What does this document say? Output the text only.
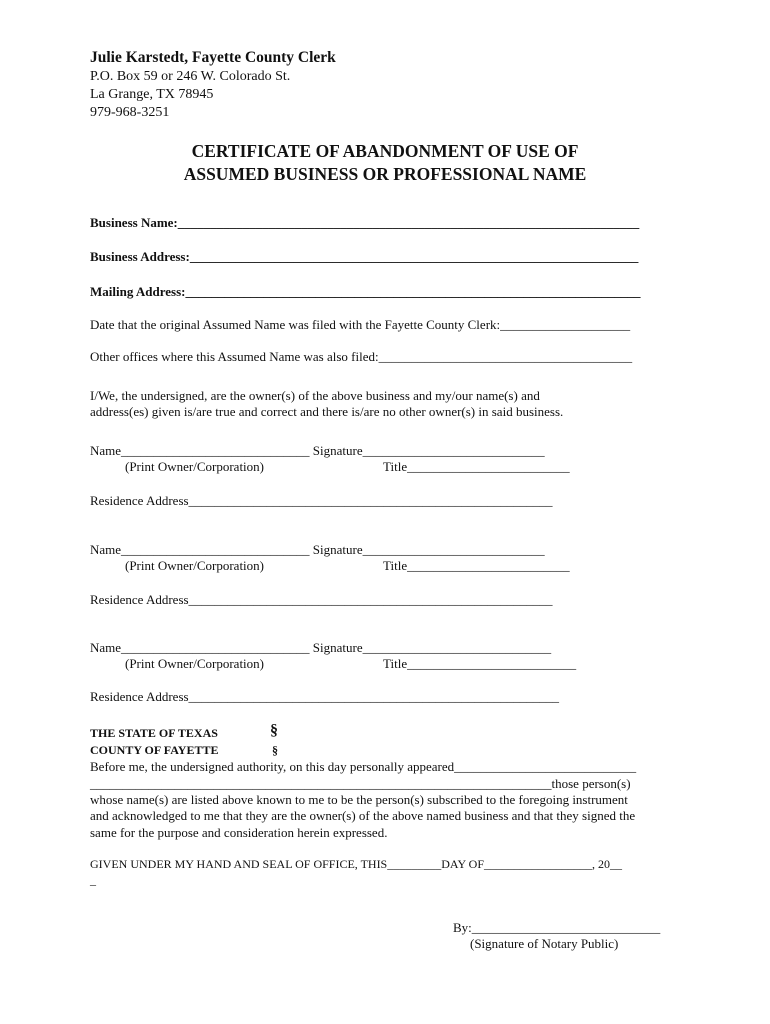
Julie Karstedt, Fayette County Clerk
P.O. Box 59 or 246 W. Colorado St.
La Grange, TX 78945
979-968-3251
CERTIFICATE OF ABANDONMENT OF USE OF
ASSUMED BUSINESS OR PROFESSIONAL NAME
Business Name:_______________________________________________________________________
Business Address:_____________________________________________________________________
Mailing Address:______________________________________________________________________
Date that the original Assumed Name was filed with the Fayette County Clerk:____________________
Other offices where this Assumed Name was also filed:_______________________________________
I/We, the undersigned, are the owner(s) of the above business and my/our name(s) and
address(es) given is/are true and correct and there is/are no other owner(s) in said business.
Name_____________________________ Signature____________________________
(Print Owner/Corporation)	Title_________________________
Residence Address________________________________________________________
Name_____________________________ Signature____________________________
(Print Owner/Corporation)	Title_________________________
Residence Address________________________________________________________
Name_____________________________ Signature_____________________________
(Print Owner/Corporation)	Title__________________________
Residence Address_________________________________________________________
THE STATE OF TEXAS	§
COUNTY OF FAYETTE	§
Before me, the undersigned authority, on this day personally appeared____________________________
_______________________________________________________________________those person(s)
whose name(s) are listed above known to me to be the person(s) subscribed to the foregoing instrument
and acknowledged to me that they are the owner(s) of the above named business and that they signed the
same for the purpose and consideration herein expressed.
GIVEN UNDER MY HAND AND SEAL OF OFFICE, THIS_________DAY OF__________________, 20__
_
By:_____________________________
(Signature of Notary Public)
